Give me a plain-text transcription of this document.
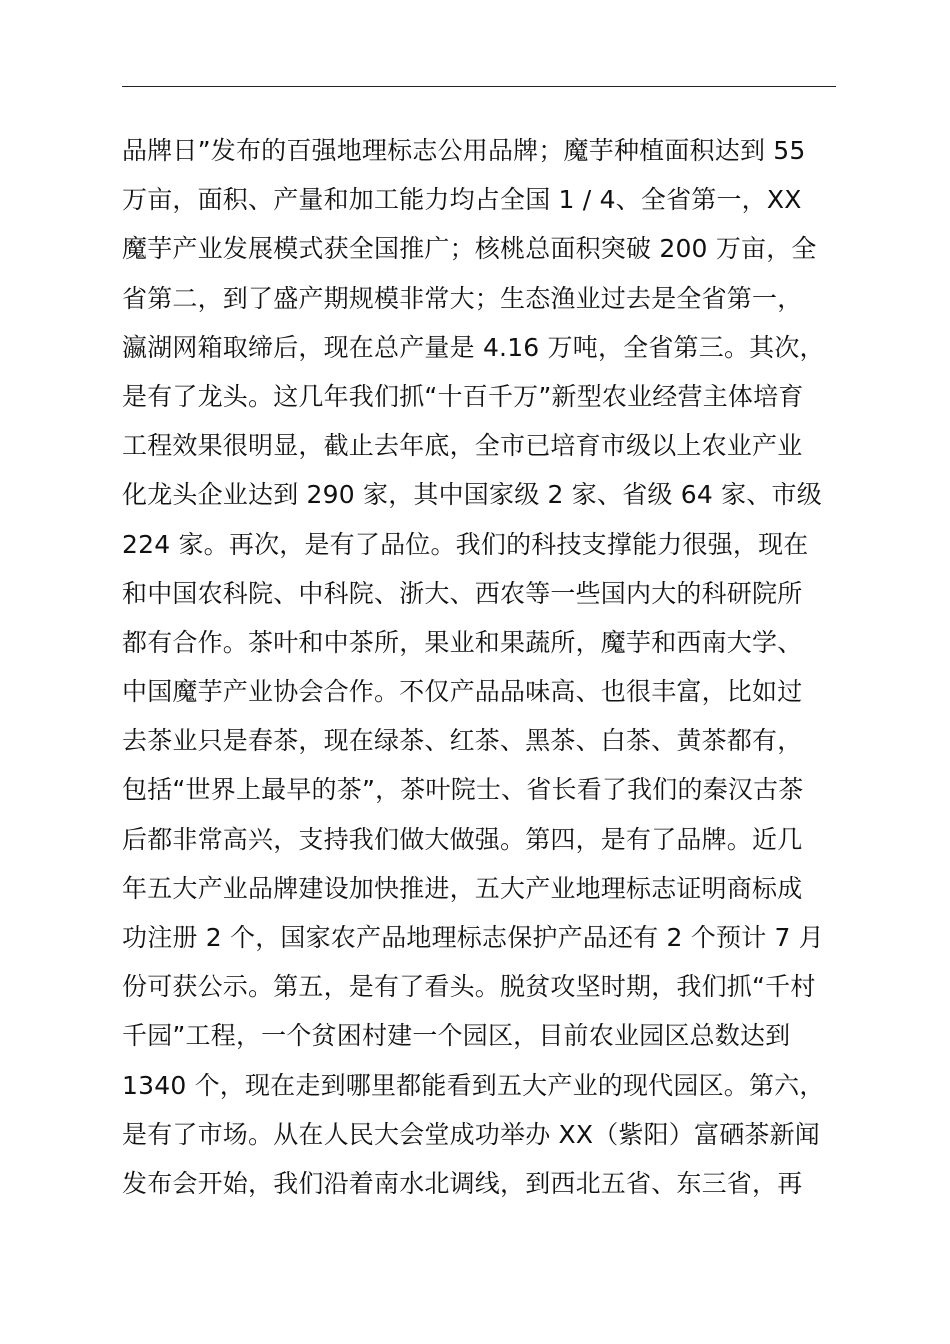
品牌日”发布的百强地理标志公用品牌；魔芋种植面积达到 55
万亩，面积、产量和加工能力均占全国 1 / 4、全省第一，XX
魔芋产业发展模式获全国推广；核桃总面积突破 200 万亩，全
省第二，到了盛产期规模非常大；生态渔业过去是全省第一，
瀛湖网箱取缔后，现在总产量是 4.16 万吨，全省第三。其次，
是有了龙头。这几年我们抓“十百千万”新型农业经营主体培育
工程效果很明显，截止去年底，全市已培育市级以上农业产业
化龙头企业达到 290 家，其中国家级 2 家、省级 64 家、市级
224 家。再次，是有了品位。我们的科技支撑能力很强，现在
和中国农科院、中科院、浙大、西农等一些国内大的科研院所
都有合作。茶叶和中茶所，果业和果蔬所，魔芋和西南大学、
中国魔芋产业协会合作。不仅产品品味高、也很丰富，比如过
去茶业只是春茶，现在绿茶、红茶、黑茶、白茶、黄茶都有，
包括“世界上最早的茶”，茶叶院士、省长看了我们的秦汉古茶
后都非常高兴，支持我们做大做强。第四，是有了品牌。近几
年五大产业品牌建设加快推进，五大产业地理标志证明商标成
功注册 2 个，国家农产品地理标志保护产品还有 2 个预计 7 月
份可获公示。第五，是有了看头。脱贫攻坚时期，我们抓“千村
千园”工程，一个贫困村建一个园区，目前农业园区总数达到
1340 个，现在走到哪里都能看到五大产业的现代园区。第六，
是有了市场。从在人民大会堂成功举办 XX（紫阳）富硒茶新闻
发布会开始，我们沿着南水北调线，到西北五省、东三省，再
